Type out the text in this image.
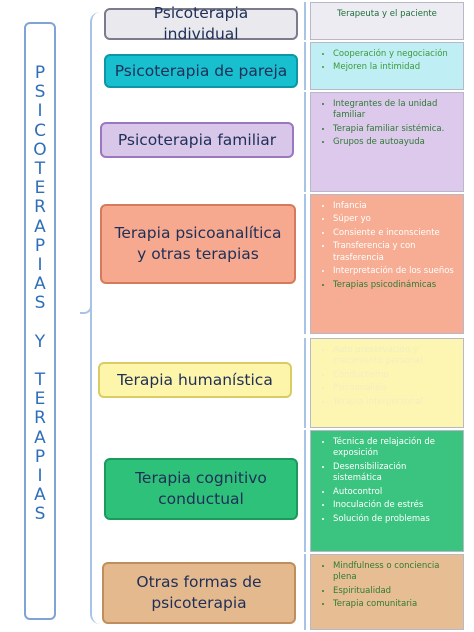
P
S
I
C
O
T
E
R
A
P
I
A
S
Y
T
E
R
A
P
I
A
S
Psicoterapia individual
Psicoterapia de pareja
Psicoterapia familiar
Terapia psicoanalítica y otras terapias
Terapia humanística
Terapia cognitivo conductual
Otras formas de psicoterapia
Terapeuta y el paciente
• Cooperación y negociación
• Mejoren la intimidad
• Integrantes de la unidad familiar
• Terapia familiar sistémica.
• Grupos de autoayuda
• Infancia
• Súper yo
• Consiente e inconsciente
• Transferencia y con trasferencia
• Interpretación de los sueños
• Terapias psicodinámicas
• Auto preservación y crecimiento personal
• Conductismo
• Psicoanálisis
• Terapia interpersonal
• Técnica de relajación de exposición
• Desensibilización sistemática
• Autocontrol
• Inoculación de estrés
• Solución de problemas
• Mindfulness o conciencia plena
• Espiritualidad
• Terapia comunitaria
